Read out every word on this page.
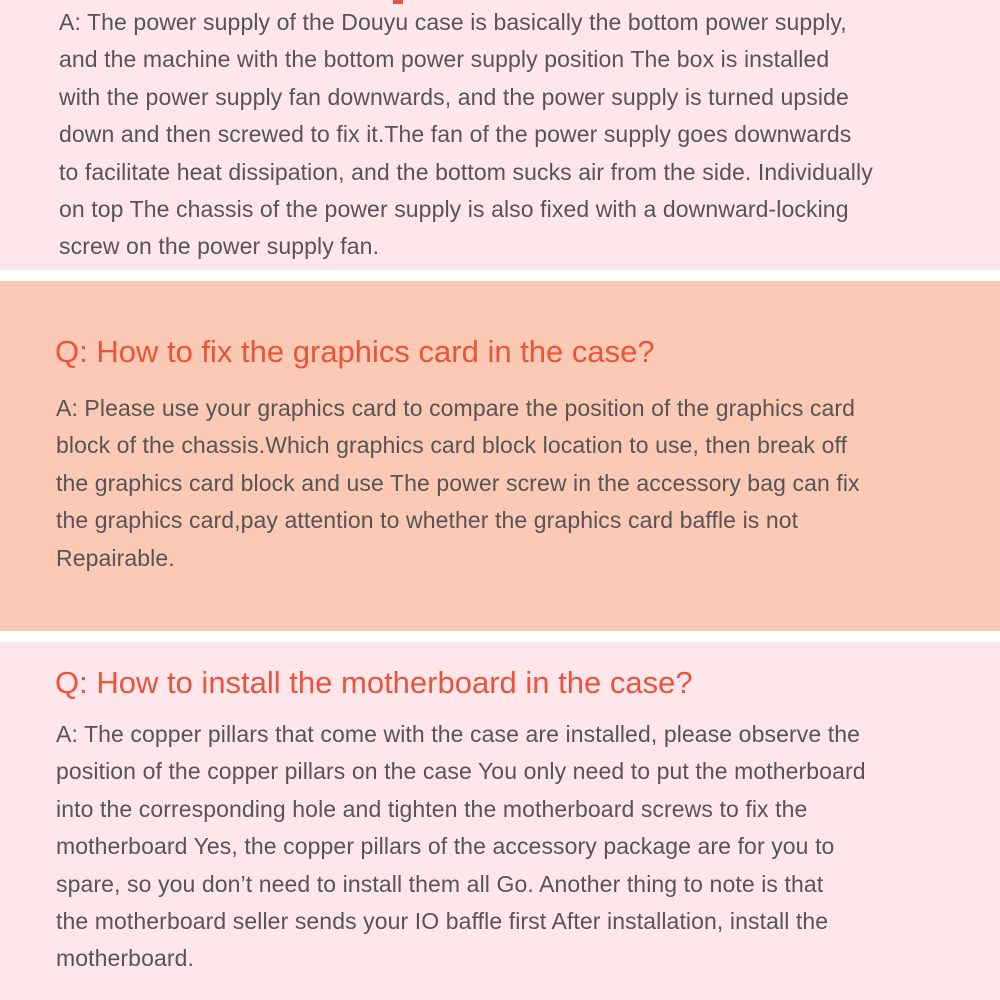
A: The power supply of the Douyu case is basically the bottom power supply,
and the machine with the bottom power supply position The box is installed
with the power supply fan downwards, and the power supply is turned upside
down and then screwed to fix it.The fan of the power supply goes downwards
to facilitate heat dissipation, and the bottom sucks air from the side. Individually
on top The chassis of the power supply is also fixed with a downward-locking
screw on the power supply fan.

Q: How to fix the graphics card in the case?

A: Please use your graphics card to compare the position of the graphics card
block of the chassis.Which graphics card block location to use, then break off
the graphics card block and use The power screw in the accessory bag can fix
the graphics card,pay attention to whether the graphics card baffle is not
Repairable.

Q: How to install the motherboard in the case?

A: The copper pillars that come with the case are installed, please observe the
position of the copper pillars on the case You only need to put the motherboard
into the corresponding hole and tighten the motherboard screws to fix the
motherboard Yes, the copper pillars of the accessory package are for you to
spare, so you don’t need to install them all Go. Another thing to note is that
the motherboard seller sends your IO baffle first After installation, install the
motherboard.
